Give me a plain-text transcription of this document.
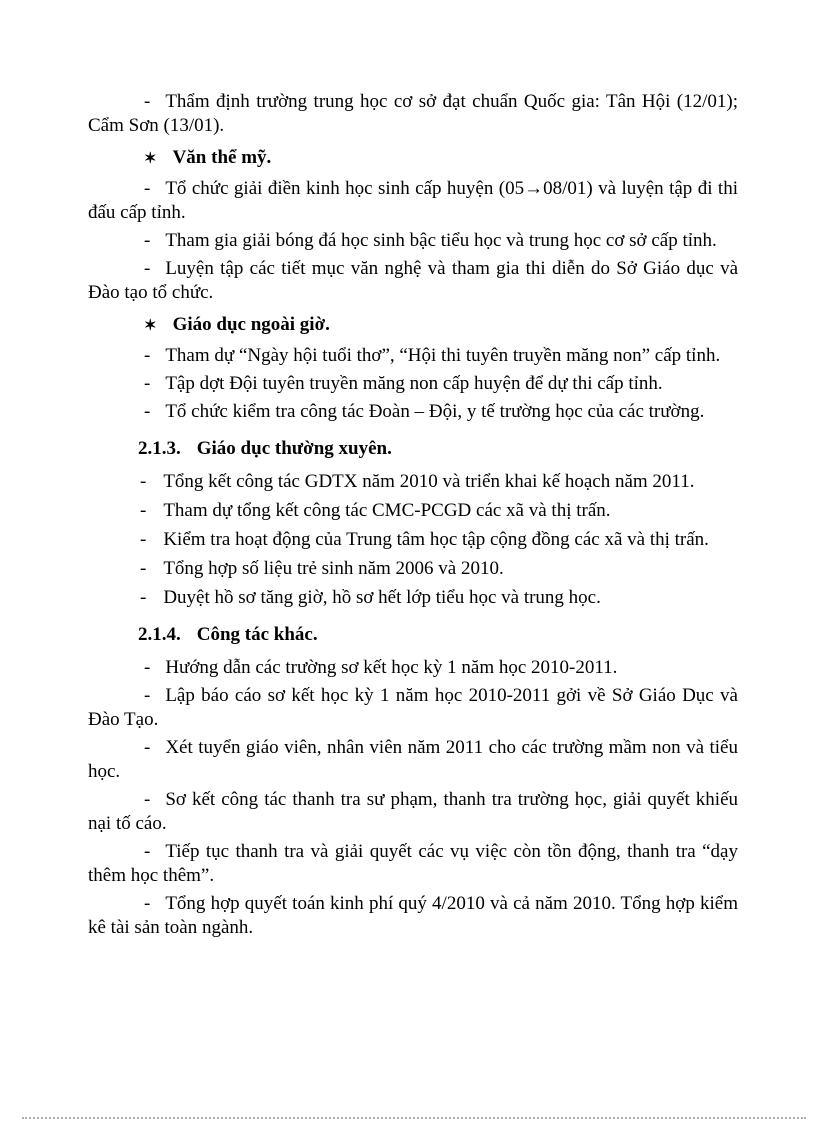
- Thẩm định trường trung học cơ sở đạt chuẩn Quốc gia: Tân Hội (12/01); Cẩm Sơn (13/01).

✶ Văn thể mỹ.

- Tổ chức giải điền kinh học sinh cấp huyện (05→08/01) và luyện tập đi thi đấu cấp tỉnh.

- Tham gia giải bóng đá học sinh bậc tiểu học và trung học cơ sở cấp tỉnh.

- Luyện tập các tiết mục văn nghệ và tham gia thi diễn do Sở Giáo dục và Đào tạo tổ chức.

✶ Giáo dục ngoài giờ.

- Tham dự “Ngày hội tuổi thơ”, “Hội thi tuyên truyền măng non” cấp tỉnh.

- Tập dợt Đội tuyên truyền măng non cấp huyện để dự thi cấp tỉnh.

- Tổ chức kiểm tra công tác Đoàn – Đội, y tế trường học của các trường.

2.1.3. Giáo dục thường xuyên.

- Tổng kết công tác GDTX năm 2010 và triển khai kế hoạch năm 2011.

- Tham dự tổng kết công tác CMC-PCGD các xã và thị trấn.

- Kiểm tra hoạt động của Trung tâm học tập cộng đồng các xã và thị trấn.

- Tổng hợp số liệu trẻ sinh năm 2006 và 2010.

- Duyệt hồ sơ tăng giờ, hồ sơ hết lớp tiểu học và trung học.

2.1.4. Công tác khác.

- Hướng dẫn các trường sơ kết học kỳ 1 năm học 2010-2011.

- Lập báo cáo sơ kết học kỳ 1 năm học 2010-2011 gởi về Sở Giáo Dục và Đào Tạo.

- Xét tuyển giáo viên, nhân viên năm 2011 cho các trường mầm non và tiểu học.

- Sơ kết công tác thanh tra sư phạm, thanh tra trường học, giải quyết khiếu nại tố cáo.

- Tiếp tục thanh tra và giải quyết các vụ việc còn tồn động, thanh tra “dạy thêm học thêm”.

- Tổng hợp quyết toán kinh phí quý 4/2010 và cả năm 2010. Tổng hợp kiểm kê tài sản toàn ngành.
